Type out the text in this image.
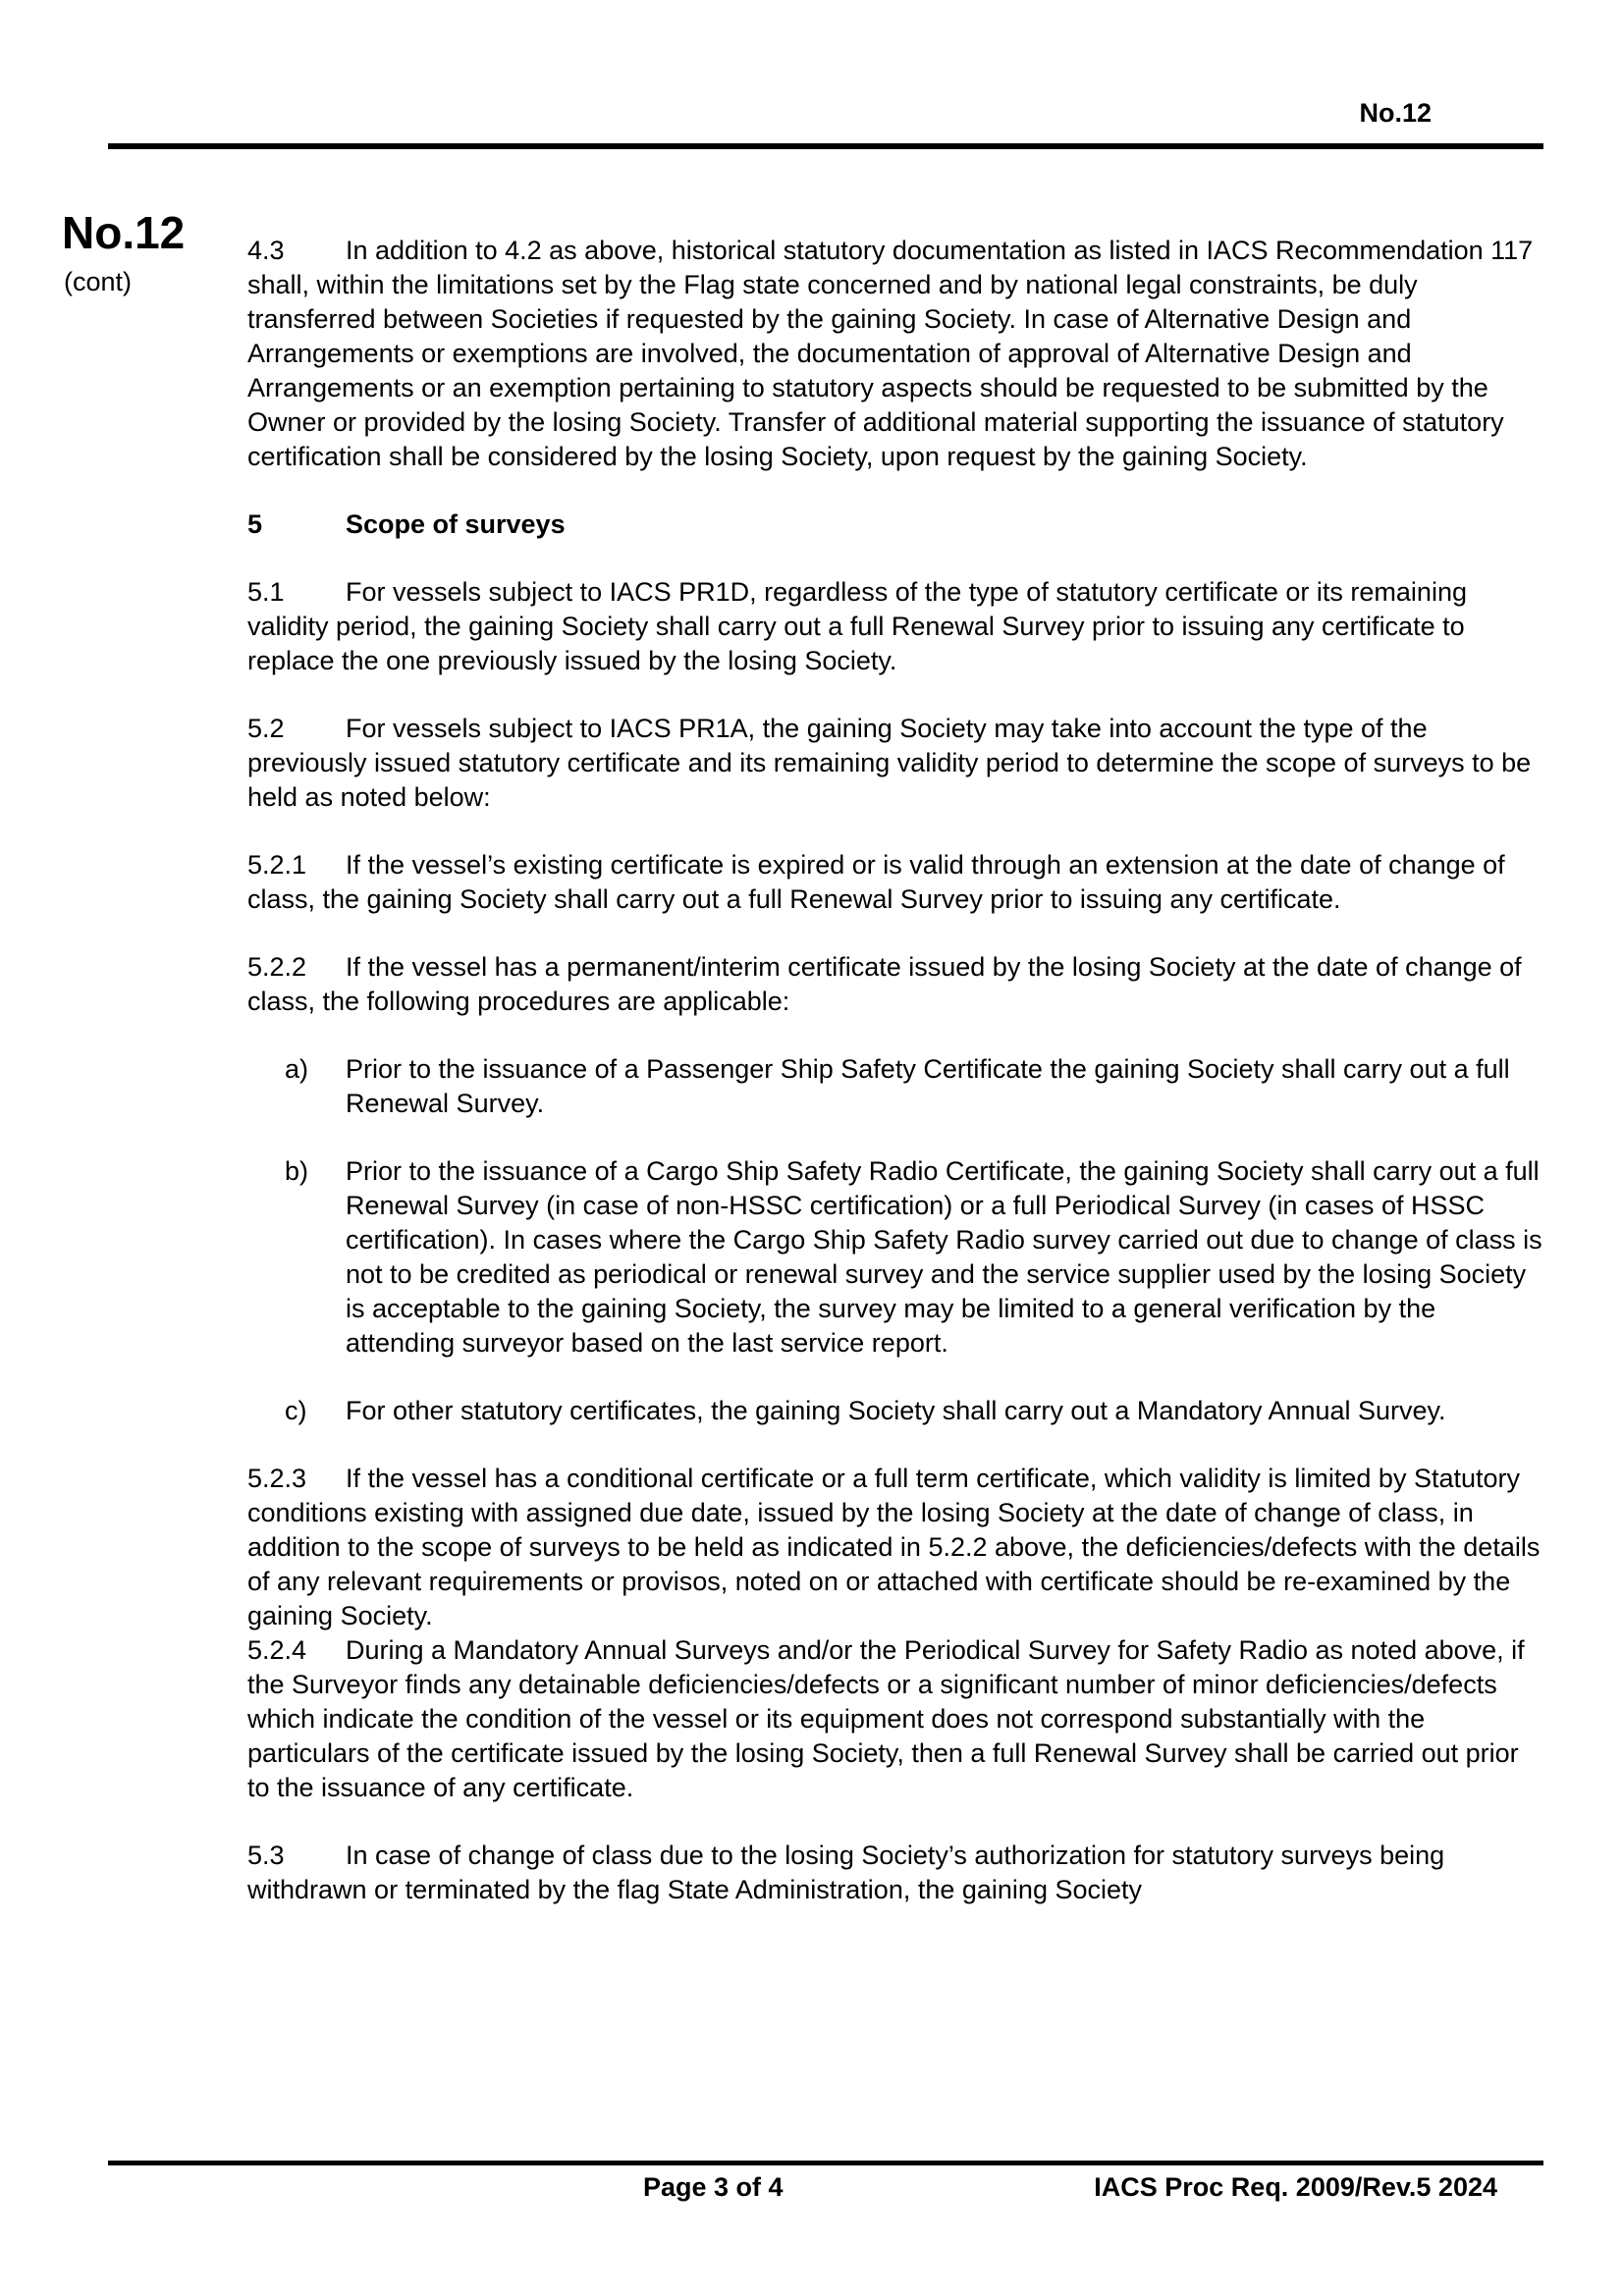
No.12
No.12
(cont)

4.3 In addition to 4.2 as above, historical statutory documentation as listed in IACS Recommendation 117 shall, within the limitations set by the Flag state concerned and by national legal constraints, be duly transferred between Societies if requested by the gaining Society. In case of Alternative Design and Arrangements or exemptions are involved, the documentation of approval of Alternative Design and Arrangements or an exemption pertaining to statutory aspects should be requested to be submitted by the Owner or provided by the losing Society. Transfer of additional material supporting the issuance of statutory certification shall be considered by the losing Society, upon request by the gaining Society.

5	Scope of surveys

5.1 For vessels subject to IACS PR1D, regardless of the type of statutory certificate or its remaining validity period, the gaining Society shall carry out a full Renewal Survey prior to issuing any certificate to replace the one previously issued by the losing Society.

5.2 For vessels subject to IACS PR1A, the gaining Society may take into account the type of the previously issued statutory certificate and its remaining validity period to determine the scope of surveys to be held as noted below:

5.2.1 If the vessel’s existing certificate is expired or is valid through an extension at the date of change of class, the gaining Society shall carry out a full Renewal Survey prior to issuing any certificate.

5.2.2 If the vessel has a permanent/interim certificate issued by the losing Society at the date of change of class, the following procedures are applicable:

a) Prior to the issuance of a Passenger Ship Safety Certificate the gaining Society shall carry out a full Renewal Survey.
b) Prior to the issuance of a Cargo Ship Safety Radio Certificate, the gaining Society shall carry out a full Renewal Survey (in case of non-HSSC certification) or a full Periodical Survey (in cases of HSSC certification). In cases where the Cargo Ship Safety Radio survey carried out due to change of class is not to be credited as periodical or renewal survey and the service supplier used by the losing Society is acceptable to the gaining Society, the survey may be limited to a general verification by the attending surveyor based on the last service report.
c) For other statutory certificates, the gaining Society shall carry out a Mandatory Annual Survey.

5.2.3 If the vessel has a conditional certificate or a full term certificate, which validity is limited by Statutory conditions existing with assigned due date, issued by the losing Society at the date of change of class, in addition to the scope of surveys to be held as indicated in 5.2.2 above, the deficiencies/defects with the details of any relevant requirements or provisos, noted on or attached with certificate should be re-examined by the gaining Society.

5.2.4 During a Mandatory Annual Surveys and/or the Periodical Survey for Safety Radio as noted above, if the Surveyor finds any detainable deficiencies/defects or a significant number of minor deficiencies/defects which indicate the condition of the vessel or its equipment does not correspond substantially with the particulars of the certificate issued by the losing Society, then a full Renewal Survey shall be carried out prior to the issuance of any certificate.

5.3 In case of change of class due to the losing Society’s authorization for statutory surveys being withdrawn or terminated by the flag State Administration, the gaining Society

Page 3 of 4	IACS Proc Req. 2009/Rev.5 2024
